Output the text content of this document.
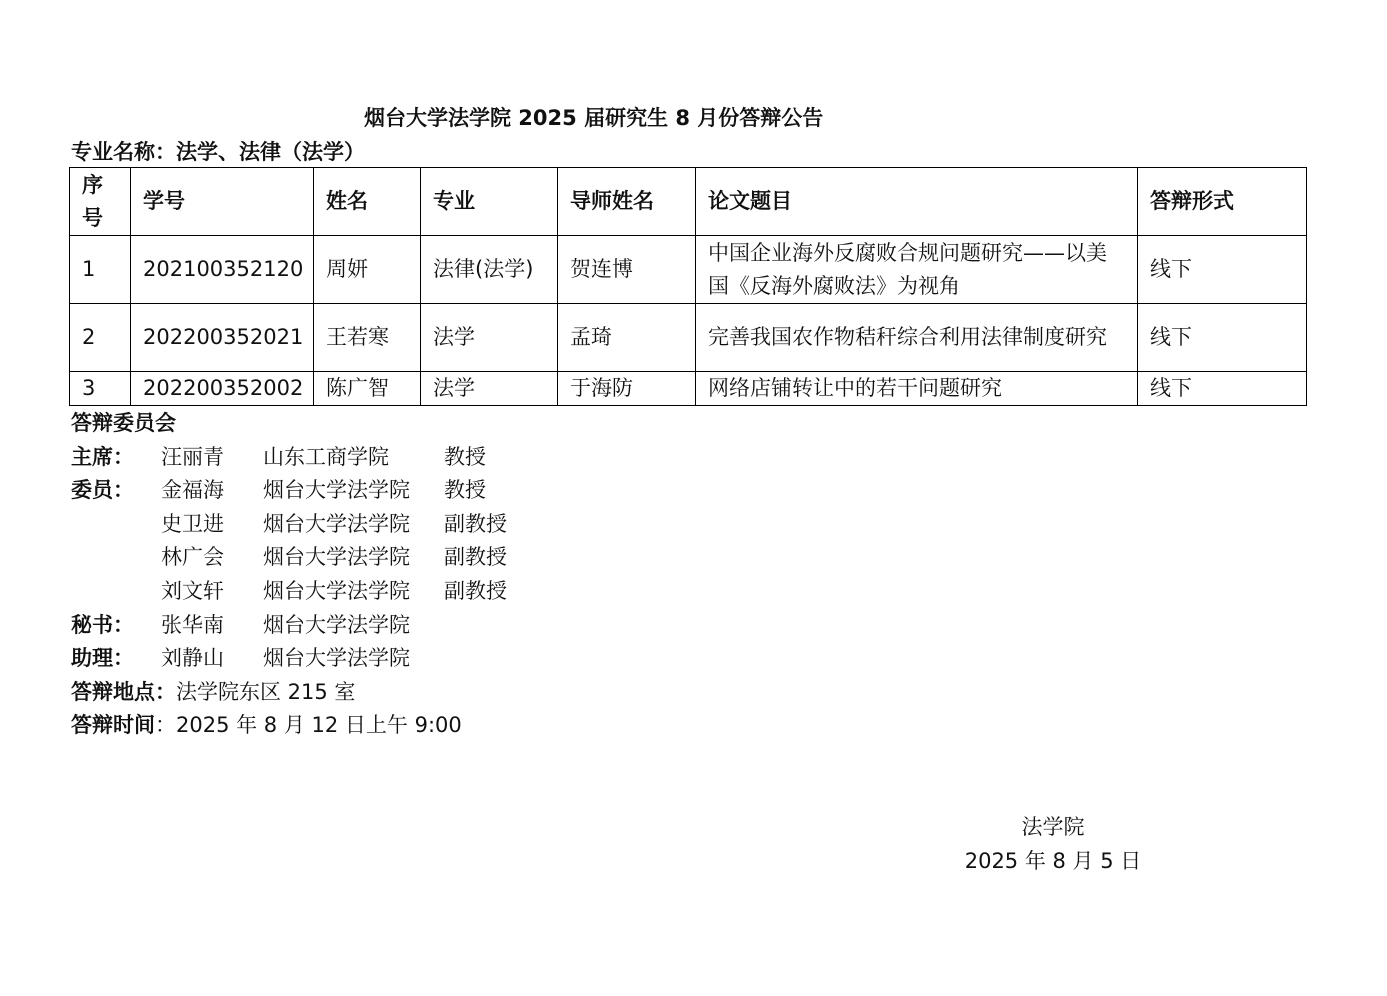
烟台大学法学院 2025 届研究生 8 月份答辩公告
专业名称：法学、法律（法学）
序号	学号	姓名	专业	导师姓名	论文题目	答辩形式
1	202100352120	周妍	法律(法学)	贺连博	中国企业海外反腐败合规问题研究——以美国《反海外腐败法》为视角	线下
2	202200352021	王若寒	法学	孟琦	完善我国农作物秸秆综合利用法律制度研究	线下
3	202200352002	陈广智	法学	于海防	网络店铺转让中的若干问题研究	线下
答辩委员会
主席： 汪丽青 山东工商学院	教授
委员： 金福海 烟台大学法学院 教授
史卫进 烟台大学法学院 副教授
林广会 烟台大学法学院 副教授
刘文轩 烟台大学法学院 副教授
秘书： 张华南 烟台大学法学院
助理： 刘静山 烟台大学法学院
答辩地点：法学院东区 215 室
答辩时间：2025 年 8 月 12 日上午 9:00
法学院
2025 年 8 月 5 日
